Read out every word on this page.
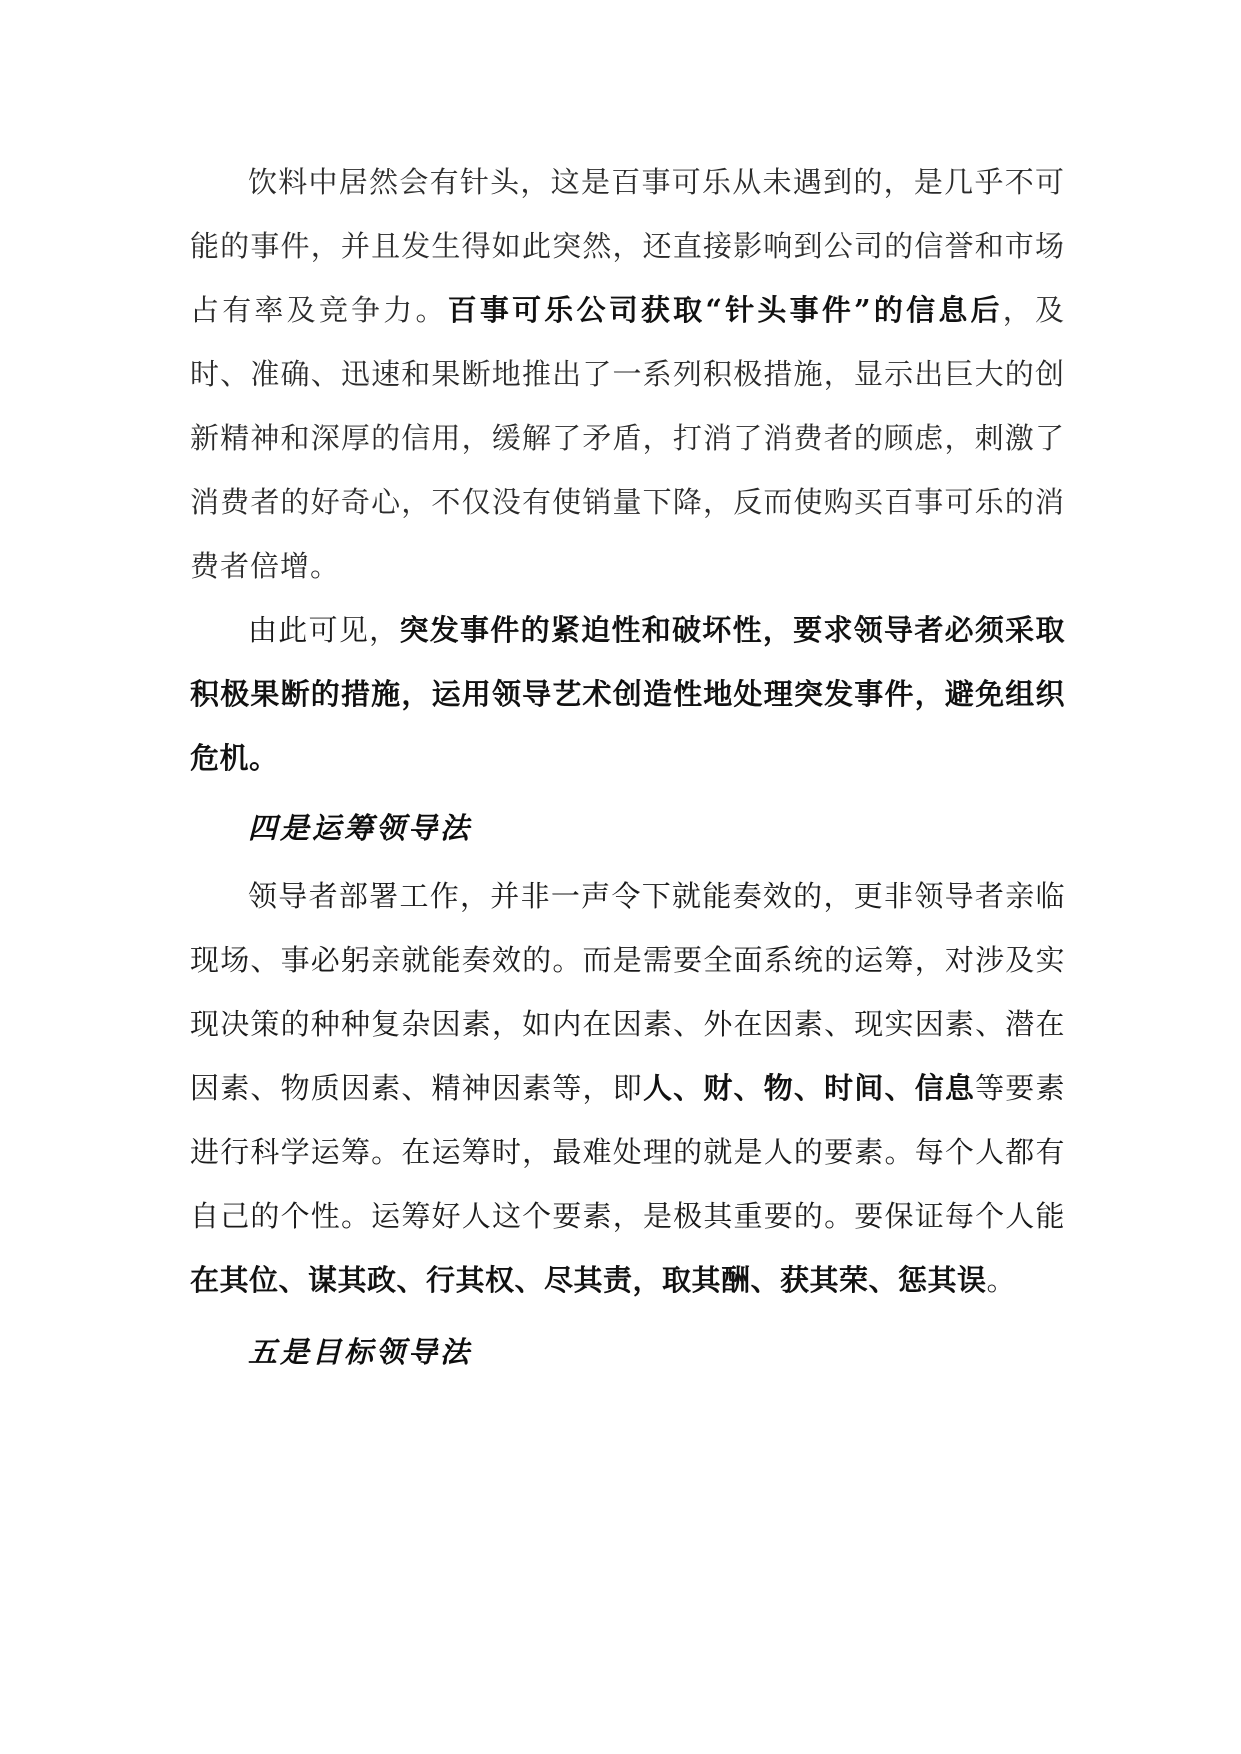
饮料中居然会有针头，这是百事可乐从未遇到的，是几乎不可能的事件，并且发生得如此突然，还直接影响到公司的信誉和市场占有率及竞争力。百事可乐公司获取“针头事件”的信息后，及时、准确、迅速和果断地推出了一系列积极措施，显示出巨大的创新精神和深厚的信用，缓解了矛盾，打消了消费者的顾虑，刺激了消费者的好奇心，不仅没有使销量下降，反而使购买百事可乐的消费者倍增。

由此可见，突发事件的紧迫性和破坏性，要求领导者必须采取积极果断的措施，运用领导艺术创造性地处理突发事件，避免组织危机。

四是运筹领导法

领导者部署工作，并非一声令下就能奏效的，更非领导者亲临现场、事必躬亲就能奏效的。而是需要全面系统的运筹，对涉及实现决策的种种复杂因素，如内在因素、外在因素、现实因素、潜在因素、物质因素、精神因素等，即人、财、物、时间、信息等要素进行科学运筹。在运筹时，最难处理的就是人的要素。每个人都有自己的个性。运筹好人这个要素，是极其重要的。要保证每个人能在其位、谋其政、行其权、尽其责，取其酬、获其荣、惩其误。

五是目标领导法
